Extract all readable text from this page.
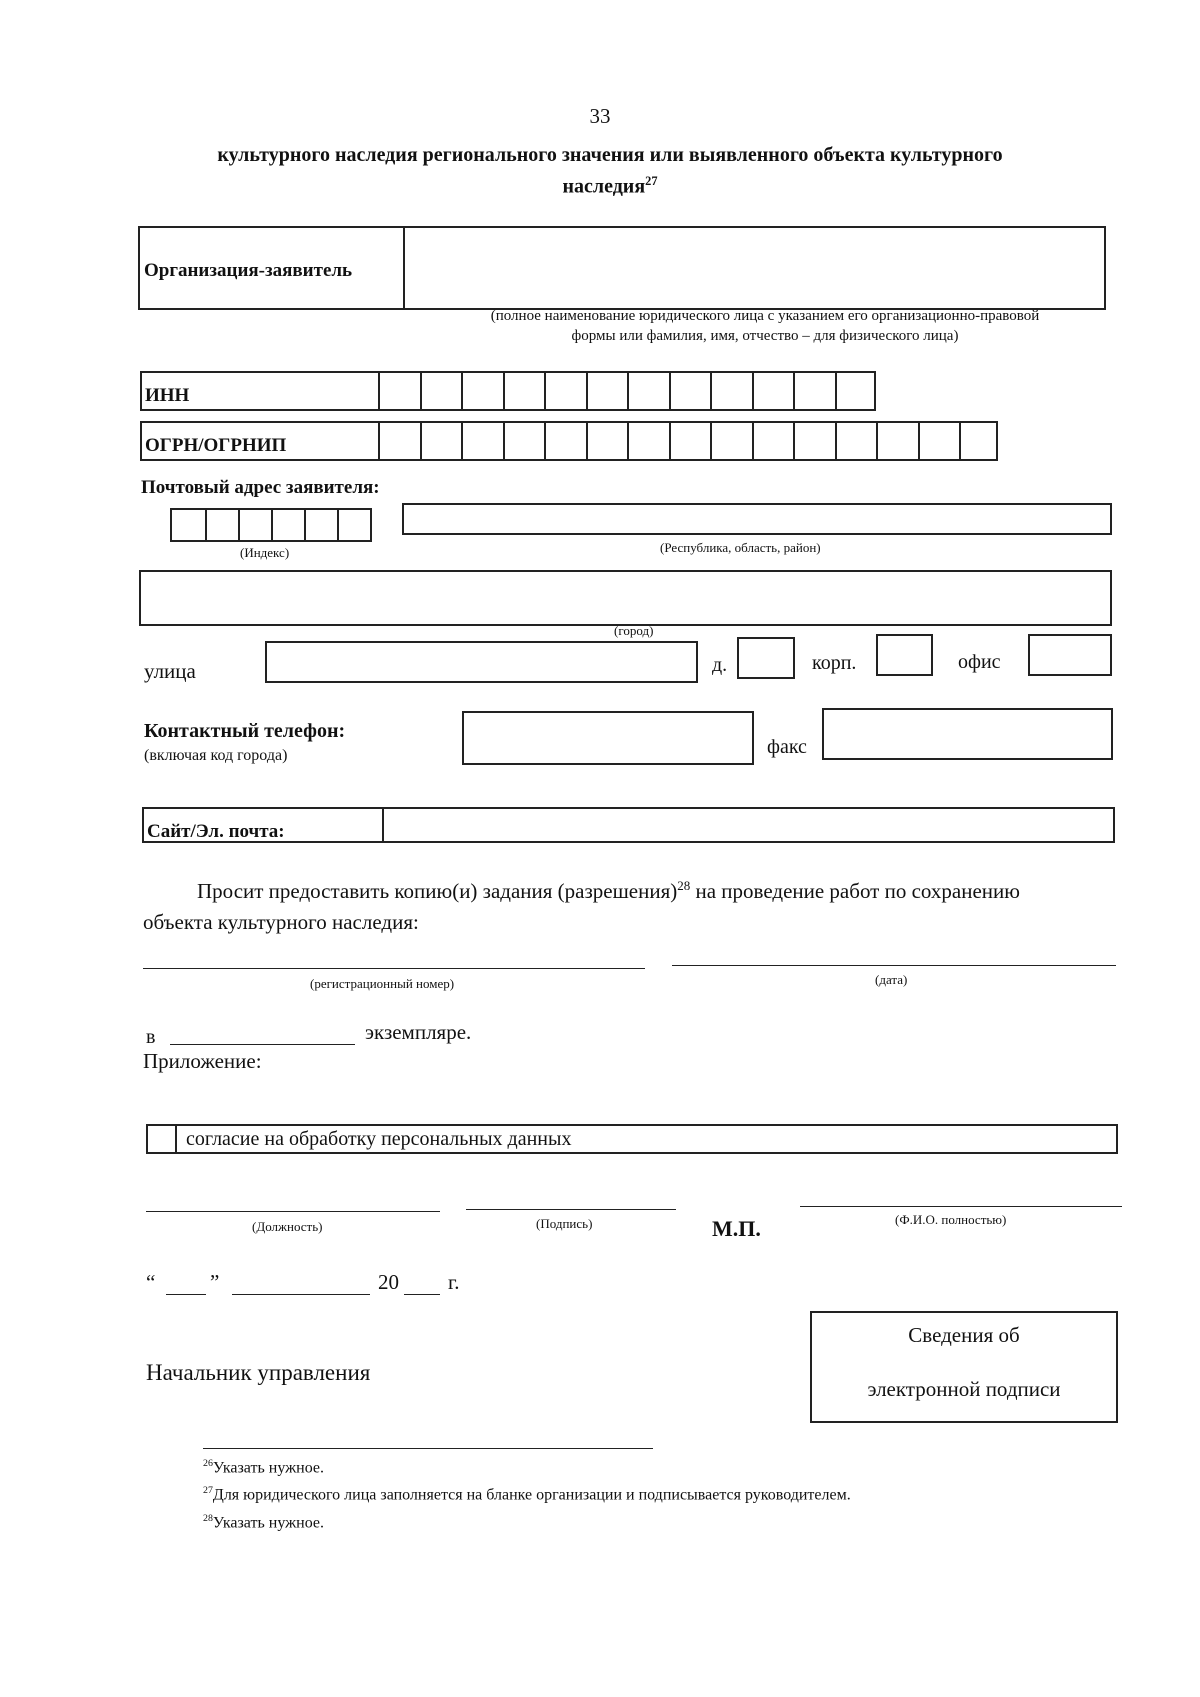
33
культурного наследия регионального значения или выявленного объекта культурного
наследия$^{27}$
Организация-заявитель
(полное наименование юридического лица с указанием его организационно-правовой
формы или фамилия, имя, отчество – для физического лица)
ИНН
ОГРН/ОГРНИП
Почтовый адрес заявителя:
(Индекс)	(Республика, область, район)
(город)
улица	д.	корп.	офис
Контактный телефон:
(включая код города)	факс
Сайт/Эл. почта:
Просит предоставить копию(и) задания (разрешения)$^{28}$ на проведение работ по сохранению
объекта культурного наследия:
(регистрационный номер)	(дата)
в	экземпляре.
Приложение:
согласие на обработку персональных данных
(Должность)	(Подпись)	М.П.	(Ф.И.О. полностью)
“	”	20 г.
Начальник управления
Сведения об
электронной подписи
$^{26}$Указать нужное.
$^{27}$Для юридического лица заполняется на бланке организации и подписывается руководителем.
$^{28}$Указать нужное.
